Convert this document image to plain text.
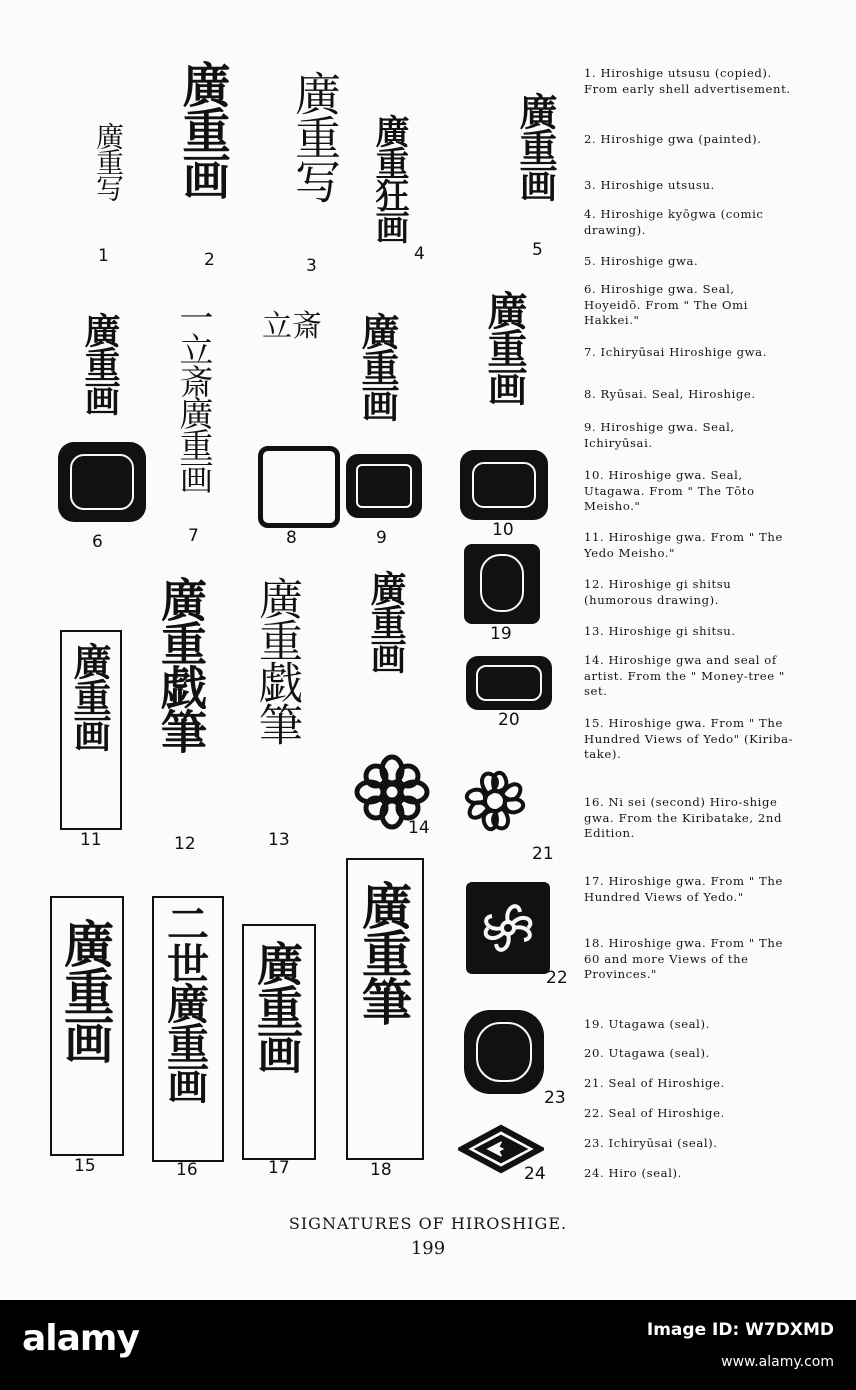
廣重写
1
廣重画
2
廣重写
3
廣重狂画
4
廣重画
5
廣重画
6
一立斎廣重画
7
立斎
8
廣重画
9
廣重画
10
19
20
廣重画
11
廣重戯筆
12
廣重戯筆
13
廣重画
14
21
廣重画
15
二世廣重画
16
廣重画
17
廣重筆
18
22
23
24
1. Hiroshige utsusu (copied). From early shell advertisement.
2. Hiroshige gwa (painted).
3. Hiroshige utsusu.
4. Hiroshige kyōgwa (comic drawing).
5. Hiroshige gwa.
6. Hiroshige gwa. Seal, Hoyeidō. From " The Omi Hakkei."
7. Ichiryūsai Hiroshige gwa.
8. Ryūsai. Seal, Hiroshige.
9. Hiroshige gwa. Seal, Ichiryūsai.
10. Hiroshige gwa. Seal, Utagawa. From " The Tōto Meisho."
11. Hiroshige gwa. From " The Yedo Meisho."
12. Hiroshige gi shitsu (humorous drawing).
13. Hiroshige gi shitsu.
14. Hiroshige gwa and seal of artist. From the " Money-tree " set.
15. Hiroshige gwa. From " The Hundred Views of Yedo" (Kiriba-take).
16. Ni sei (second) Hiro-shige gwa. From the Kiribatake, 2nd Edition.
17. Hiroshige gwa. From " The Hundred Views of Yedo."
18. Hiroshige gwa. From " The 60 and more Views of the Provinces."
19. Utagawa (seal).
20. Utagawa (seal).
21. Seal of Hiroshige.
22. Seal of Hiroshige.
23. Ichiryūsai (seal).
24. Hiro (seal).
SIGNATURES OF HIROSHIGE.
199
alamy	Image ID: W7DXMD
www.alamy.com
